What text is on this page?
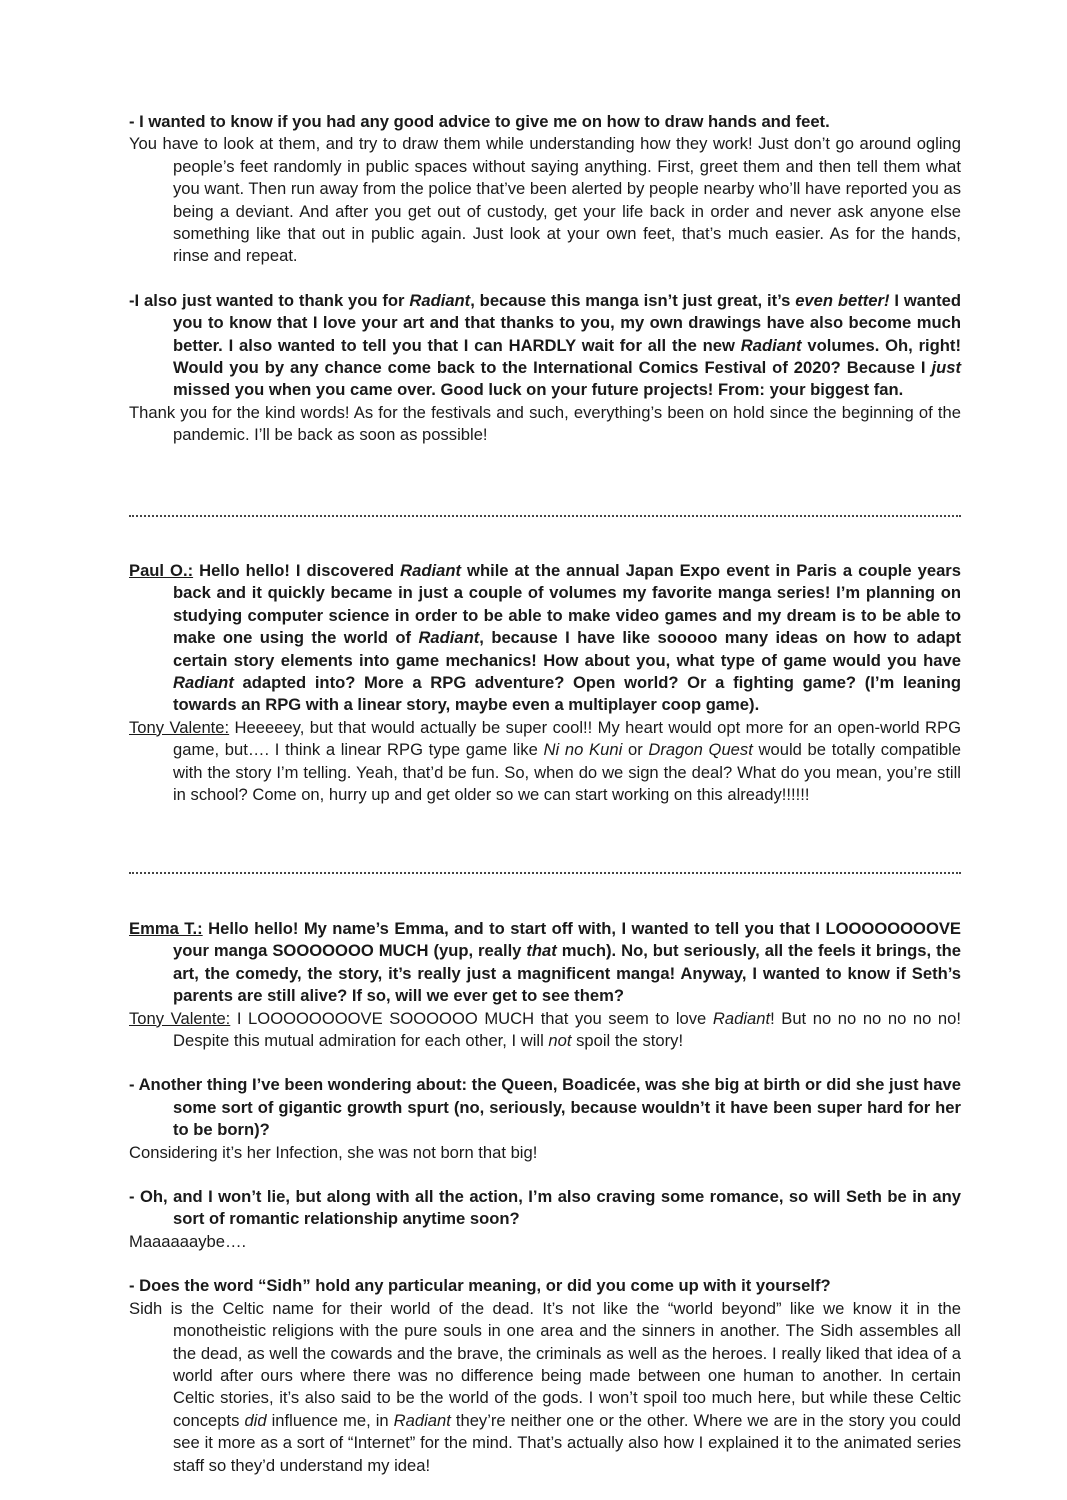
- I wanted to know if you had any good advice to give me on how to draw hands and feet.

You have to look at them, and try to draw them while understanding how they work! Just don’t go around ogling people’s feet randomly in public spaces without saying anything. First, greet them and then tell them what you want. Then run away from the police that’ve been alerted by people nearby who’ll have reported you as being a deviant. And after you get out of custody, get your life back in order and never ask anyone else something like that out in public again. Just look at your own feet, that’s much easier. As for the hands, rinse and repeat.

-I also just wanted to thank you for Radiant, because this manga isn’t just great, it’s even better! I wanted you to know that I love your art and that thanks to you, my own drawings have also become much better. I also wanted to tell you that I can HARDLY wait for all the new Radiant volumes. Oh, right! Would you by any chance come back to the International Comics Festival of 2020? Because I just missed you when you came over. Good luck on your future projects! From: your biggest fan.

Thank you for the kind words! As for the festivals and such, everything’s been on hold since the beginning of the pandemic. I’ll be back as soon as possible!

Paul O.: Hello hello! I discovered Radiant while at the annual Japan Expo event in Paris a couple years back and it quickly became in just a couple of volumes my favorite manga series! I’m planning on studying computer science in order to be able to make video games and my dream is to be able to make one using the world of Radiant, because I have like sooooo many ideas on how to adapt certain story elements into game mechanics! How about you, what type of game would you have Radiant adapted into? More a RPG adventure? Open world? Or a fighting game? (I’m leaning towards an RPG with a linear story, maybe even a multiplayer coop game).

Tony Valente: Heeeeey, but that would actually be super cool!! My heart would opt more for an open-world RPG game, but…. I think a linear RPG type game like Ni no Kuni or Dragon Quest would be totally compatible with the story I’m telling. Yeah, that’d be fun. So, when do we sign the deal? What do you mean, you’re still in school? Come on, hurry up and get older so we can start working on this already!!!!!!

Emma T.: Hello hello! My name’s Emma, and to start off with, I wanted to tell you that I LOOOOOOOOVE your manga SOOOOOOO MUCH (yup, really that much). No, but seriously, all the feels it brings, the art, the comedy, the story, it’s really just a magnificent manga! Anyway, I wanted to know if Seth’s parents are still alive? If so, will we ever get to see them?

Tony Valente: I LOOOOOOOOVE SOOOOOO MUCH that you seem to love Radiant! But no no no no no no! Despite this mutual admiration for each other, I will not spoil the story!

- Another thing I’ve been wondering about: the Queen, Boadicée, was she big at birth or did she just have some sort of gigantic growth spurt (no, seriously, because wouldn’t it have been super hard for her to be born)?

Considering it’s her Infection, she was not born that big!

- Oh, and I won’t lie, but along with all the action, I’m also craving some romance, so will Seth be in any sort of romantic relationship anytime soon?

Maaaaaaybe….

- Does the word “Sidh” hold any particular meaning, or did you come up with it yourself?

Sidh is the Celtic name for their world of the dead. It’s not like the “world beyond” like we know it in the monotheistic religions with the pure souls in one area and the sinners in another. The Sidh assembles all the dead, as well the cowards and the brave, the criminals as well as the heroes. I really liked that idea of a world after ours where there was no difference being made between one human to another. In certain Celtic stories, it’s also said to be the world of the gods. I won’t spoil too much here, but while these Celtic concepts did influence me, in Radiant they’re neither one or the other. Where we are in the story you could see it more as a sort of “Internet” for the mind. That’s actually also how I explained it to the animated series staff so they’d understand my idea!
